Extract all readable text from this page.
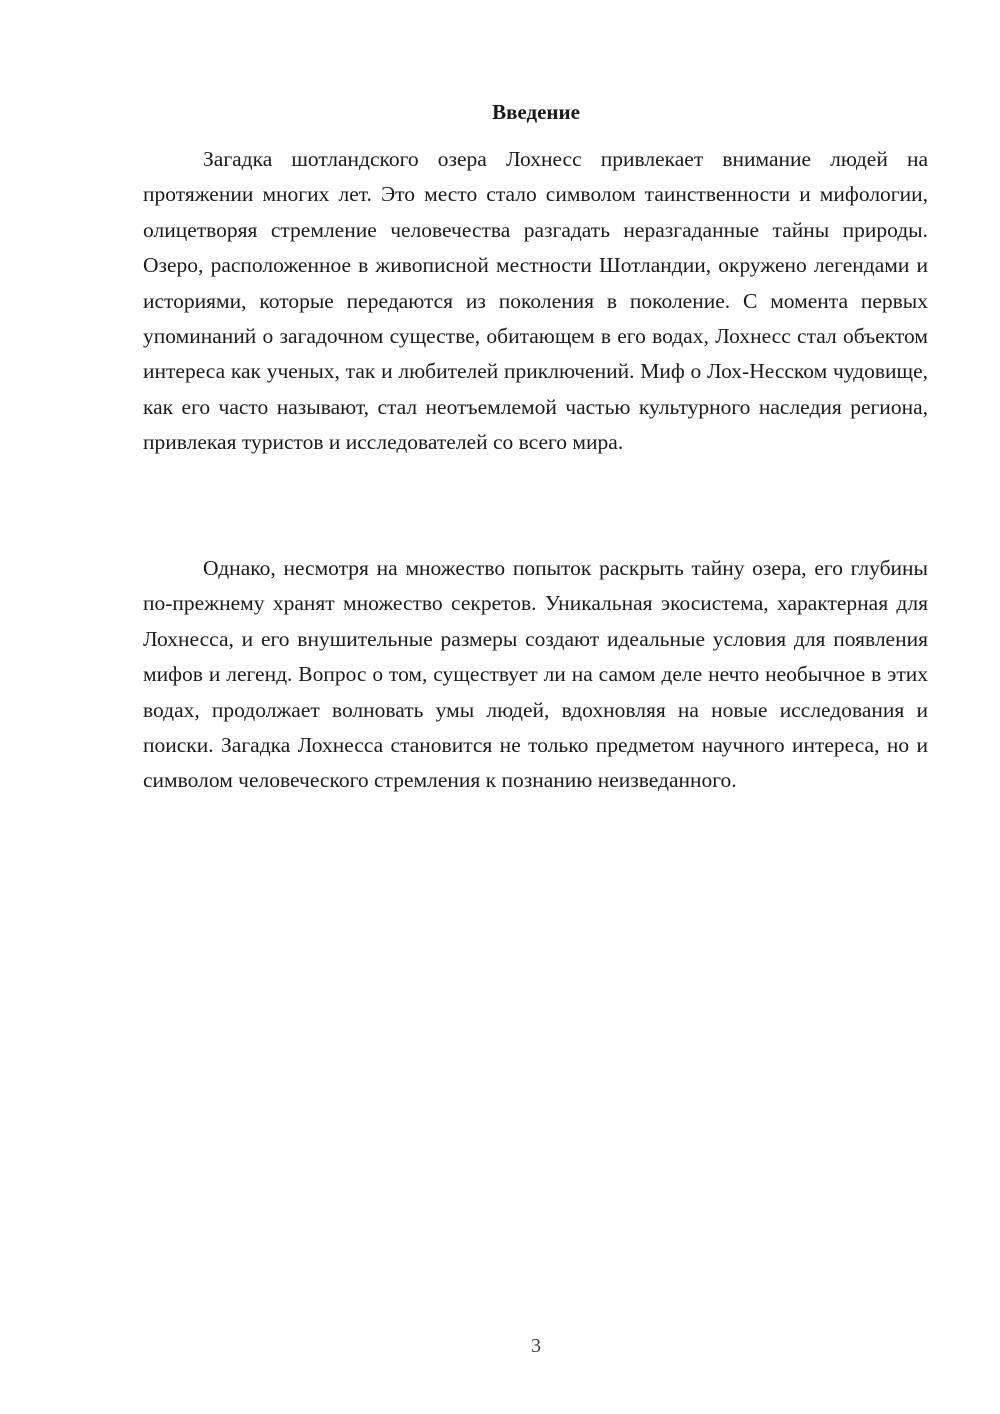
Введение

Загадка шотландского озера Лохнесс привлекает внимание людей на протяжении многих лет. Это место стало символом таинственности и мифологии, олицетворяя стремление человечества разгадать неразгаданные тайны природы. Озеро, расположенное в живописной местности Шотландии, окружено легендами и историями, которые передаются из поколения в поколение. С момента первых упоминаний о загадочном существе, обитающем в его водах, Лохнесс стал объектом интереса как ученых, так и любителей приключений. Миф о Лох-Несском чудовище, как его часто называют, стал неотъемлемой частью культурного наследия региона, привлекая туристов и исследователей со всего мира.

Однако, несмотря на множество попыток раскрыть тайну озера, его глубины по-прежнему хранят множество секретов. Уникальная экосистема, характерная для Лохнесса, и его внушительные размеры создают идеальные условия для появления мифов и легенд. Вопрос о том, существует ли на самом деле нечто необычное в этих водах, продолжает волновать умы людей, вдохновляя на новые исследования и поиски. Загадка Лохнесса становится не только предметом научного интереса, но и символом человеческого стремления к познанию неизведанного.

3
